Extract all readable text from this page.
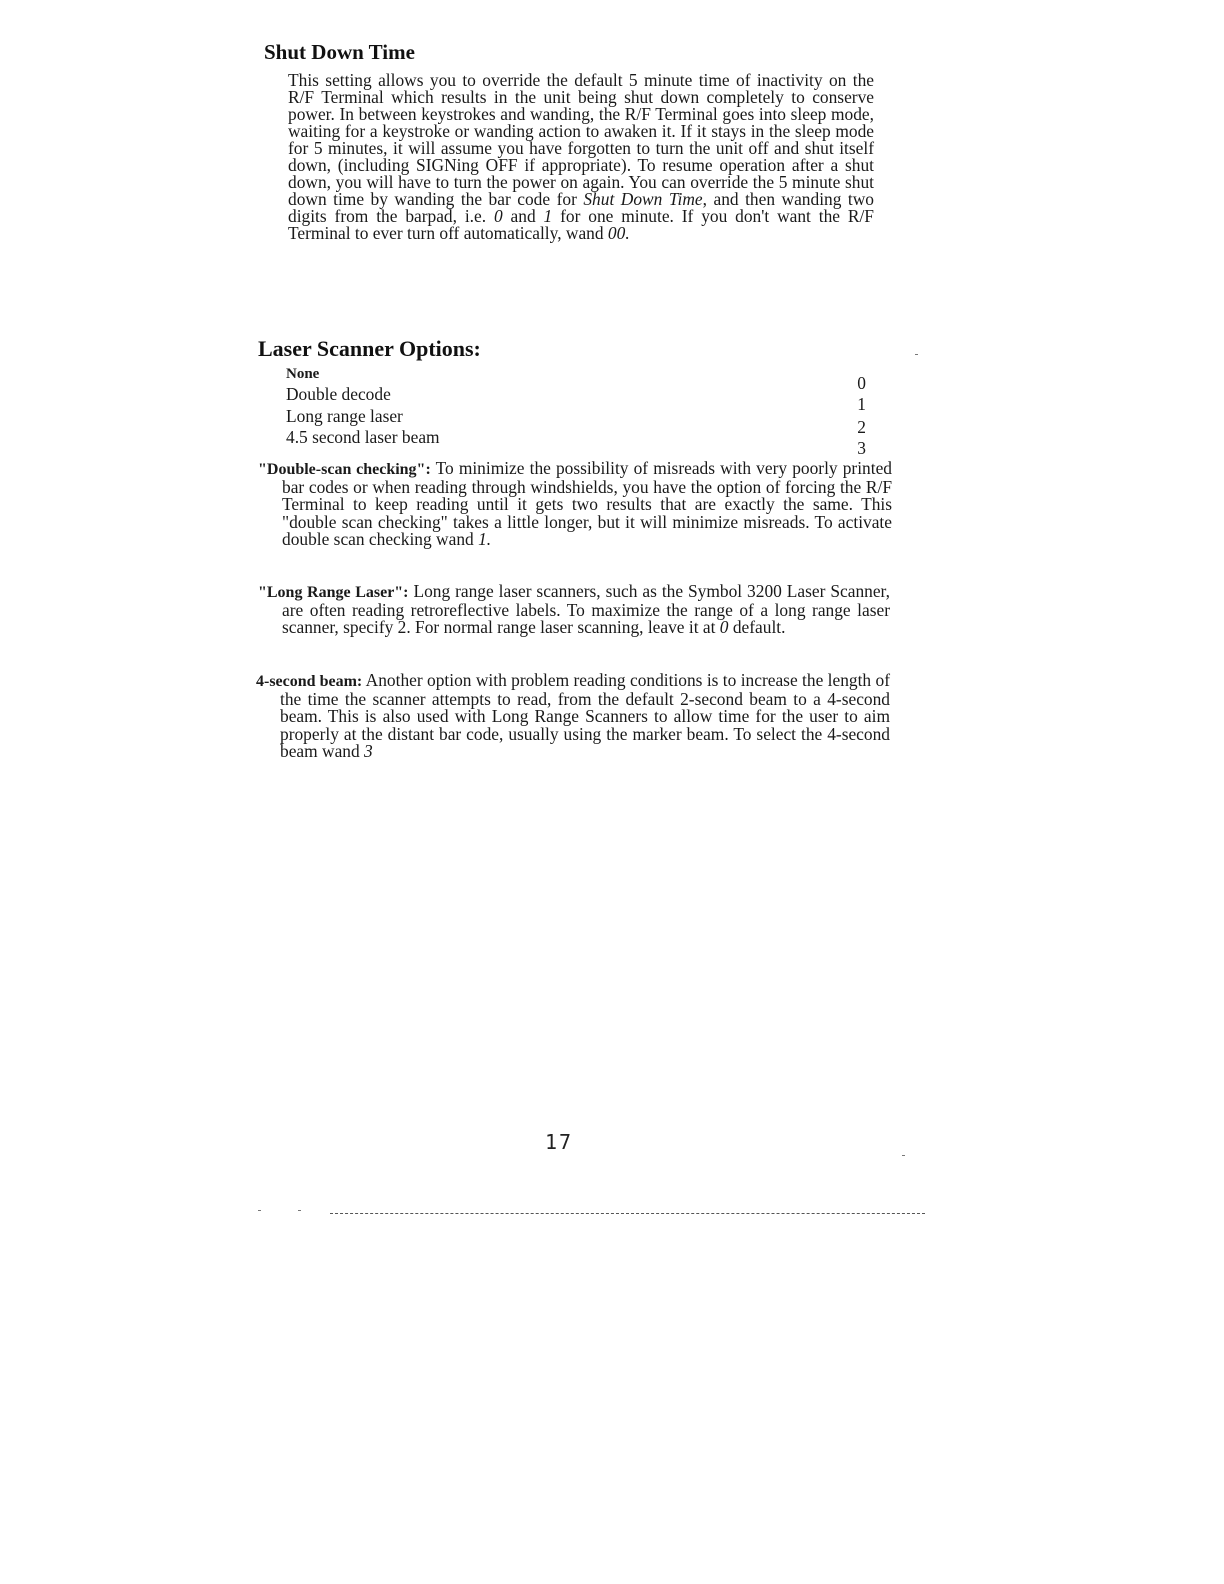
Shut Down Time

This setting allows you to override the default 5 minute time of inactivity on the R/F Terminal which results in the unit being shut down completely to conserve power. In between keystrokes and wanding, the R/F Terminal goes into sleep mode, waiting for a keystroke or wanding action to awaken it. If it stays in the sleep mode for 5 minutes, it will assume you have forgotten to turn the unit off and shut itself down, (including SIGNing OFF if appropriate). To resume operation after a shut down, you will have to turn the power on again. You can override the 5 minute shut down time by wanding the bar code for Shut Down Time, and then wanding two digits from the barpad, i.e. 0 and 1 for one minute. If you don't want the R/F Terminal to ever turn off automatically, wand 00.

Laser Scanner Options:
None	0
Double decode	1
Long range laser
2
4.5 second laser beam
3

"Double-scan checking": To minimize the possibility of misreads with very poorly printed bar codes or when reading through windshields, you have the option of forcing the R/F Terminal to keep reading until it gets two results that are exactly the same. This "double scan checking" takes a little longer, but it will minimize misreads. To activate double scan checking wand 1.

"Long Range Laser": Long range laser scanners, such as the Symbol 3200 Laser Scanner, are often reading retroreflective labels. To maximize the range of a long range laser scanner, specify 2. For normal range laser scanning, leave it at 0 default.

4-second beam: Another option with problem reading conditions is to increase the length of the time the scanner attempts to read, from the default 2-second beam to a 4-second beam. This is also used with Long Range Scanners to allow time for the user to aim properly at the distant bar code, usually using the marker beam. To select the 4-second beam wand 3

17
